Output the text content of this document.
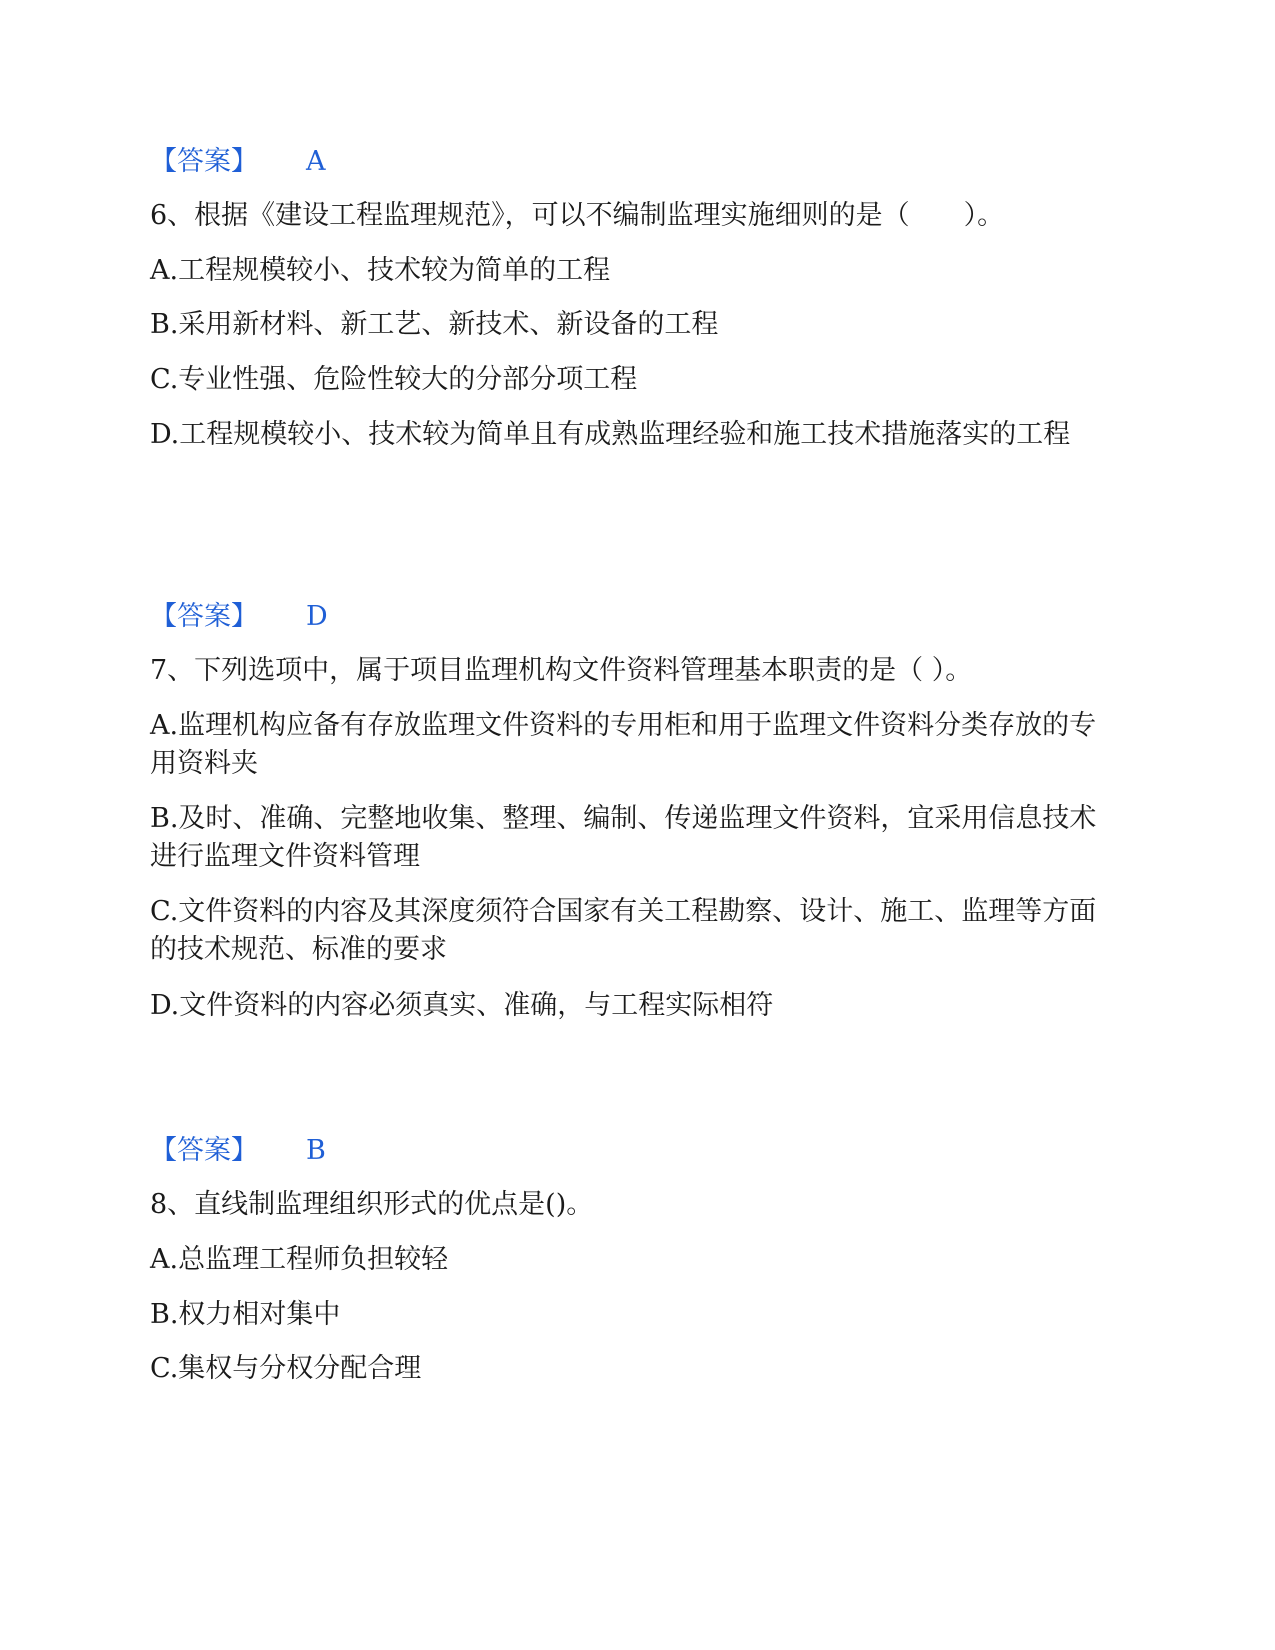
【答案】 A
6、根据《建设工程监理规范》，可以不编制监理实施细则的是（　　）。
A.工程规模较小、技术较为简单的工程
B.采用新材料、新工艺、新技术、新设备的工程
C.专业性强、危险性较大的分部分项工程
D.工程规模较小、技术较为简单且有成熟监理经验和施工技术措施落实的工程
【答案】 D
7、下列选项中，属于项目监理机构文件资料管理基本职责的是（ ）。
A.监理机构应备有存放监理文件资料的专用柜和用于监理文件资料分类存放的专用资料夹
B.及时、准确、完整地收集、整理、编制、传递监理文件资料，宜采用信息技术进行监理文件资料管理
C.文件资料的内容及其深度须符合国家有关工程勘察、设计、施工、监理等方面的技术规范、标准的要求
D.文件资料的内容必须真实、准确，与工程实际相符
【答案】 B
8、直线制监理组织形式的优点是()。
A.总监理工程师负担较轻
B.权力相对集中
C.集权与分权分配合理
